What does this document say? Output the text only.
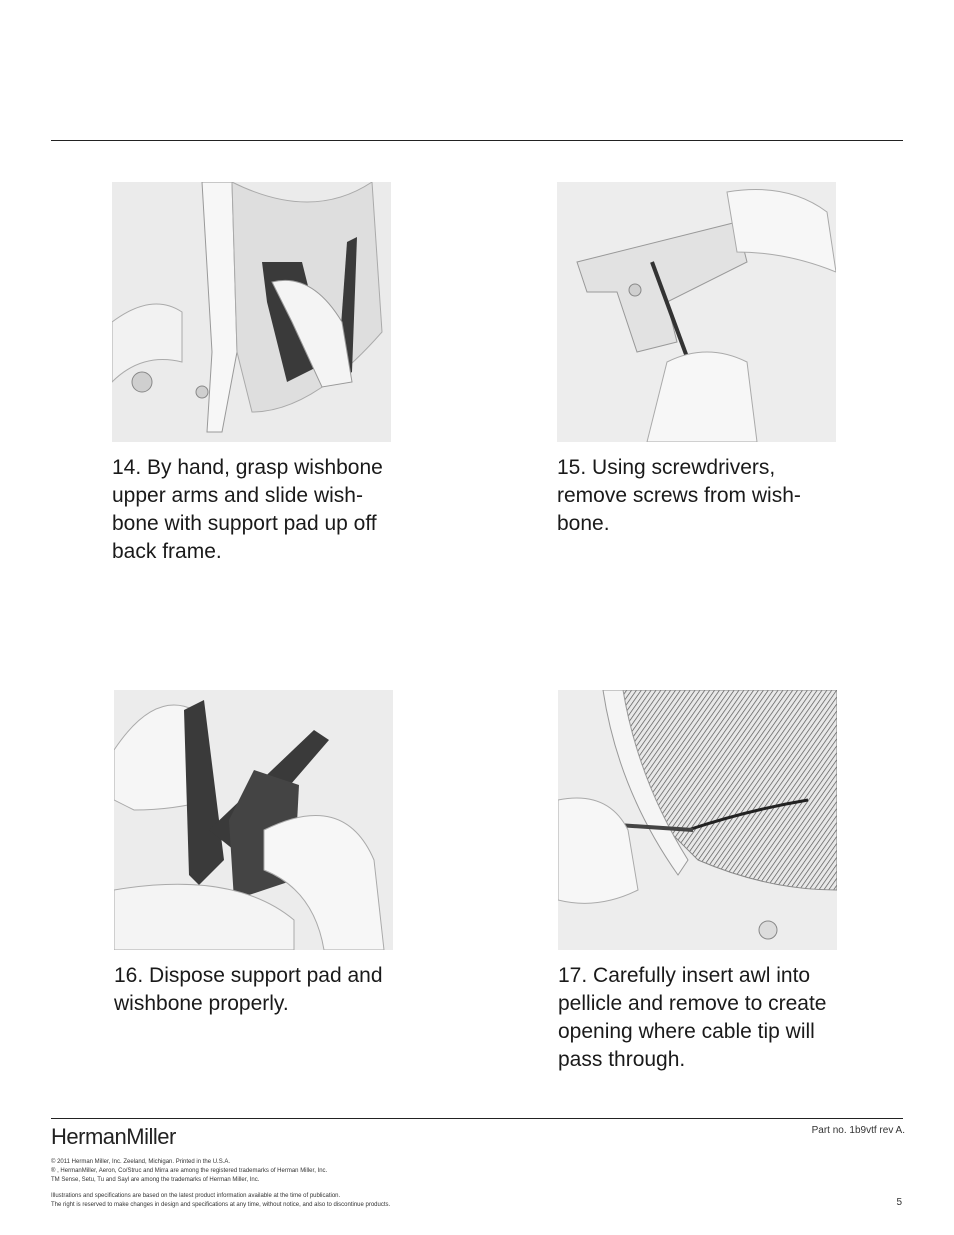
14. By hand, grasp wishbone upper arms and slide wish-bone with support pad up off back frame.
15. Using screwdrivers, remove screws from wish-bone.
16. Dispose support pad and wishbone properly.
17. Carefully insert awl into pellicle and remove to create opening where cable tip will pass through.
HermanMiller	Part no. 1b9vtf rev A.
© 2011 Herman Miller, Inc. Zeeland, Michigan. Printed in the U.S.A.
® , HermanMiller, Aeron, Co/Struc and Mirra are among the registered trademarks of Herman Miller, Inc.
TM Sense, Setu, Tu and Sayl are among the trademarks of Herman Miller, Inc.
Illustrations and specifications are based on the latest product information available at the time of publication.
The right is reserved to make changes in design and specifications at any time, without notice, and also to discontinue products.	5
